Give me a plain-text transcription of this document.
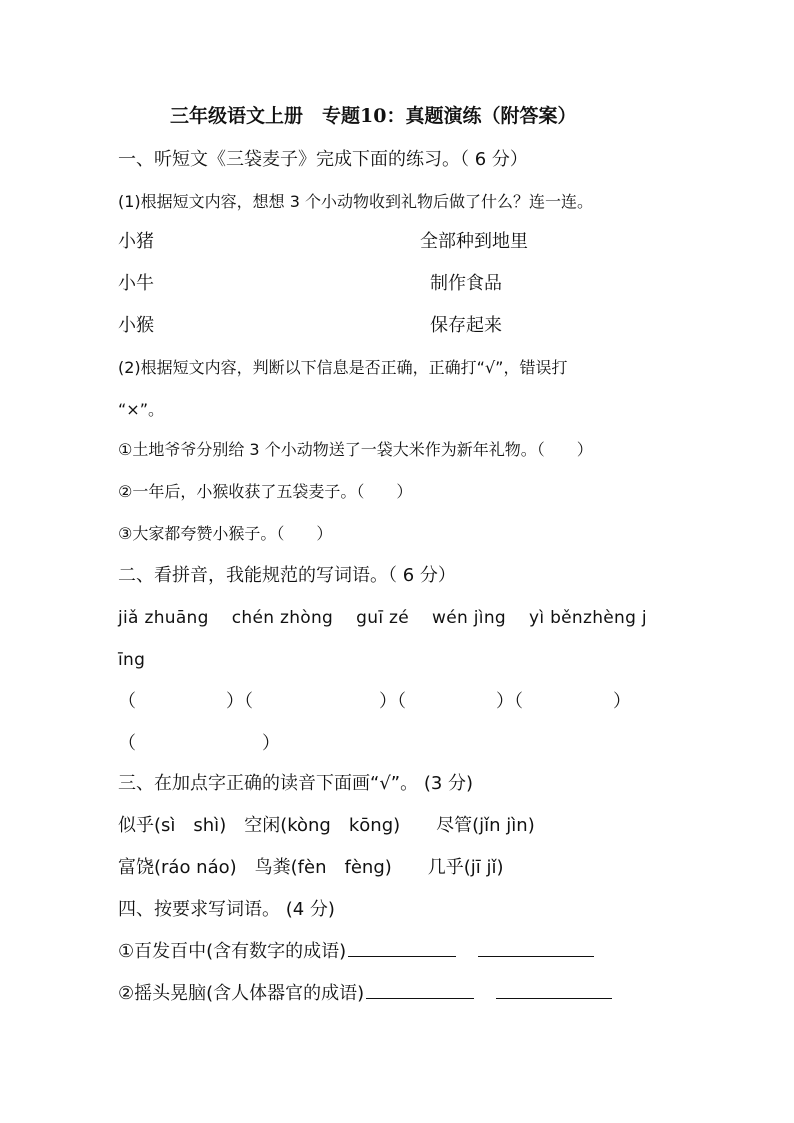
三年级语文上册　专题10：真题演练（附答案）
一、听短文《三袋麦子》完成下面的练习。（ 6 分）
(1)根据短文内容，想想 3 个小动物收到礼物后做了什么？连一连。
小猪	全部种到地里
小牛	制作食品
小猴	保存起来
(2)根据短文内容，判断以下信息是否正确，正确打“√”，错误打
“×”。
①土地爷爷分别给 3 个小动物送了一袋大米作为新年礼物。（　　）
②一年后，小猴收获了五袋麦子。（　　）
③大家都夸赞小猴子。（　　）
二、看拼音，我能规范的写词语。（ 6 分）
jiǎ zhuāng　 chén zhòng　 guī zé　 wén jìng　 yì běnzhèng j
īng
（　　　　　）（　　　　　　　）（　　　　　）（　　　　　）
（　　　　　　　）
三、在加点字正确的读音下面画“√”。 (3 分)
似乎(sì　shì)　空闲(kòng　kōng)　　尽管(jǐn jìn)
富饶(ráo náo)　鸟粪(fèn　fèng)　　几乎(jī jǐ)
四、按要求写词语。 (4 分)
①百发百中(含有数字的成语)
②摇头晃脑(含人体器官的成语)
